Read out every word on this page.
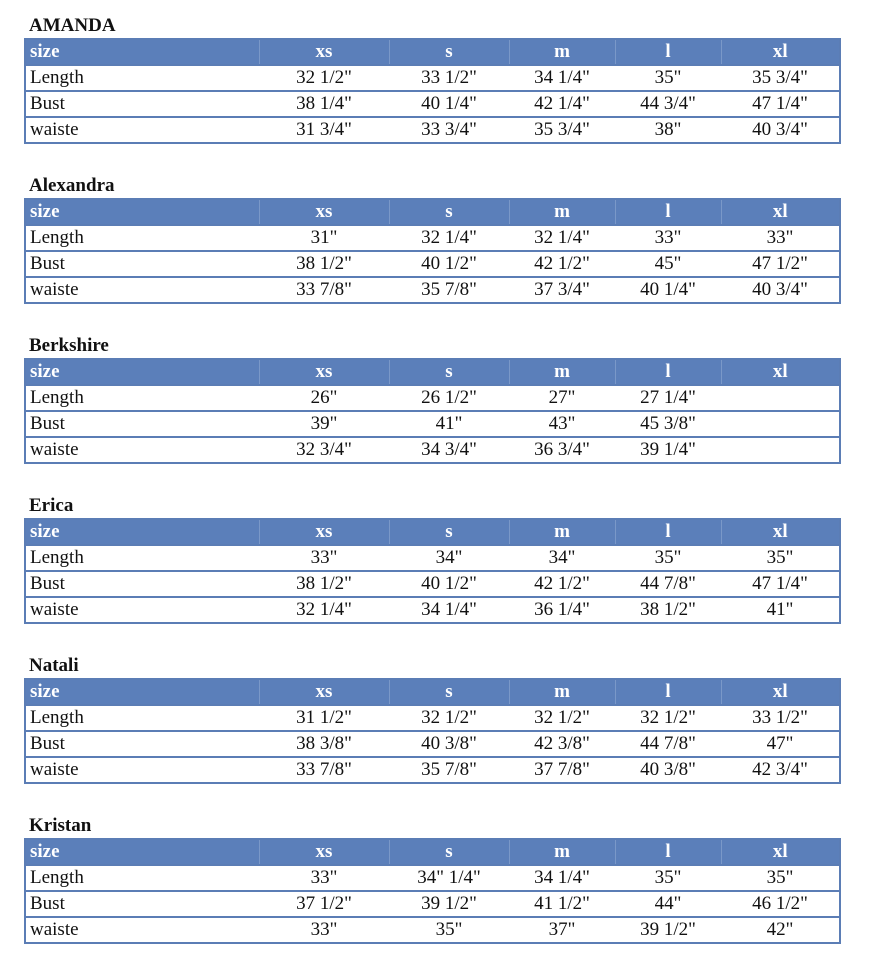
AMANDA
size	xs	s	m	l	xl
Length	32 1/2"	33 1/2"	34 1/4"	35"	35 3/4"
Bust	38 1/4"	40 1/4"	42 1/4"	44 3/4"	47 1/4"
waiste	31 3/4"	33 3/4"	35 3/4"	38"	40 3/4"
Alexandra
size	xs	s	m	l	xl
Length	31"	32 1/4"	32 1/4"	33"	33"
Bust	38 1/2"	40 1/2"	42 1/2"	45"	47 1/2"
waiste	33 7/8"	35 7/8"	37 3/4"	40 1/4"	40 3/4"
Berkshire
size	xs	s	m	l	xl
Length	26"	26 1/2"	27"	27 1/4"	
Bust	39"	41"	43"	45 3/8"	
waiste	32 3/4"	34 3/4"	36 3/4"	39 1/4"	
Erica
size	xs	s	m	l	xl
Length	33"	34"	34"	35"	35"
Bust	38 1/2"	40 1/2"	42 1/2"	44 7/8"	47 1/4"
waiste	32 1/4"	34 1/4"	36 1/4"	38 1/2"	41"
Natali
size	xs	s	m	l	xl
Length	31 1/2"	32 1/2"	32 1/2"	32 1/2"	33 1/2"
Bust	38 3/8"	40 3/8"	42 3/8"	44 7/8"	47"
waiste	33 7/8"	35 7/8"	37 7/8"	40 3/8"	42 3/4"
Kristan
size	xs	s	m	l	xl
Length	33"	34" 1/4"	34 1/4"	35"	35"
Bust	37 1/2"	39 1/2"	41 1/2"	44"	46 1/2"
waiste	33"	35"	37"	39 1/2"	42"
